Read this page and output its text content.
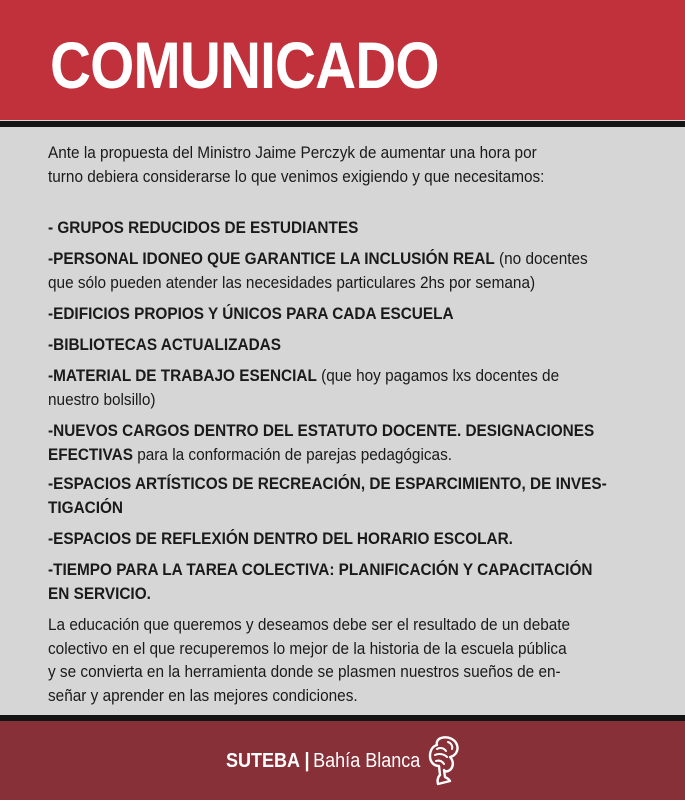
COMUNICADO

Ante la propuesta del Ministro Jaime Perczyk de aumentar una hora por

turno debiera considerarse lo que venimos exigiendo y que necesitamos:

- GRUPOS REDUCIDOS DE ESTUDIANTES

-PERSONAL IDONEO QUE GARANTICE LA INCLUSIÓN REAL (no docentes

que sólo pueden atender las necesidades particulares 2hs por semana)

-EDIFICIOS PROPIOS Y ÚNICOS PARA CADA ESCUELA

-BIBLIOTECAS ACTUALIZADAS

-MATERIAL DE TRABAJO ESENCIAL (que hoy pagamos lxs docentes de

nuestro bolsillo)

-NUEVOS CARGOS DENTRO DEL ESTATUTO DOCENTE. DESIGNACIONES

EFECTIVAS para la conformación de parejas pedagógicas.

-ESPACIOS ARTÍSTICOS DE RECREACIÓN, DE ESPARCIMIENTO, DE INVES-

TIGACIÓN

-ESPACIOS DE REFLEXIÓN DENTRO DEL HORARIO ESCOLAR.

-TIEMPO PARA LA TAREA COLECTIVA: PLANIFICACIÓN Y CAPACITACIÓN

EN SERVICIO.

La educación que queremos y deseamos debe ser el resultado de un debate

colectivo en el que recuperemos lo mejor de la historia de la escuela pública

y se convierta en la herramienta donde se plasmen nuestros sueños de en-

señar y aprender en las mejores condiciones.

SUTEBA | Bahía Blanca
